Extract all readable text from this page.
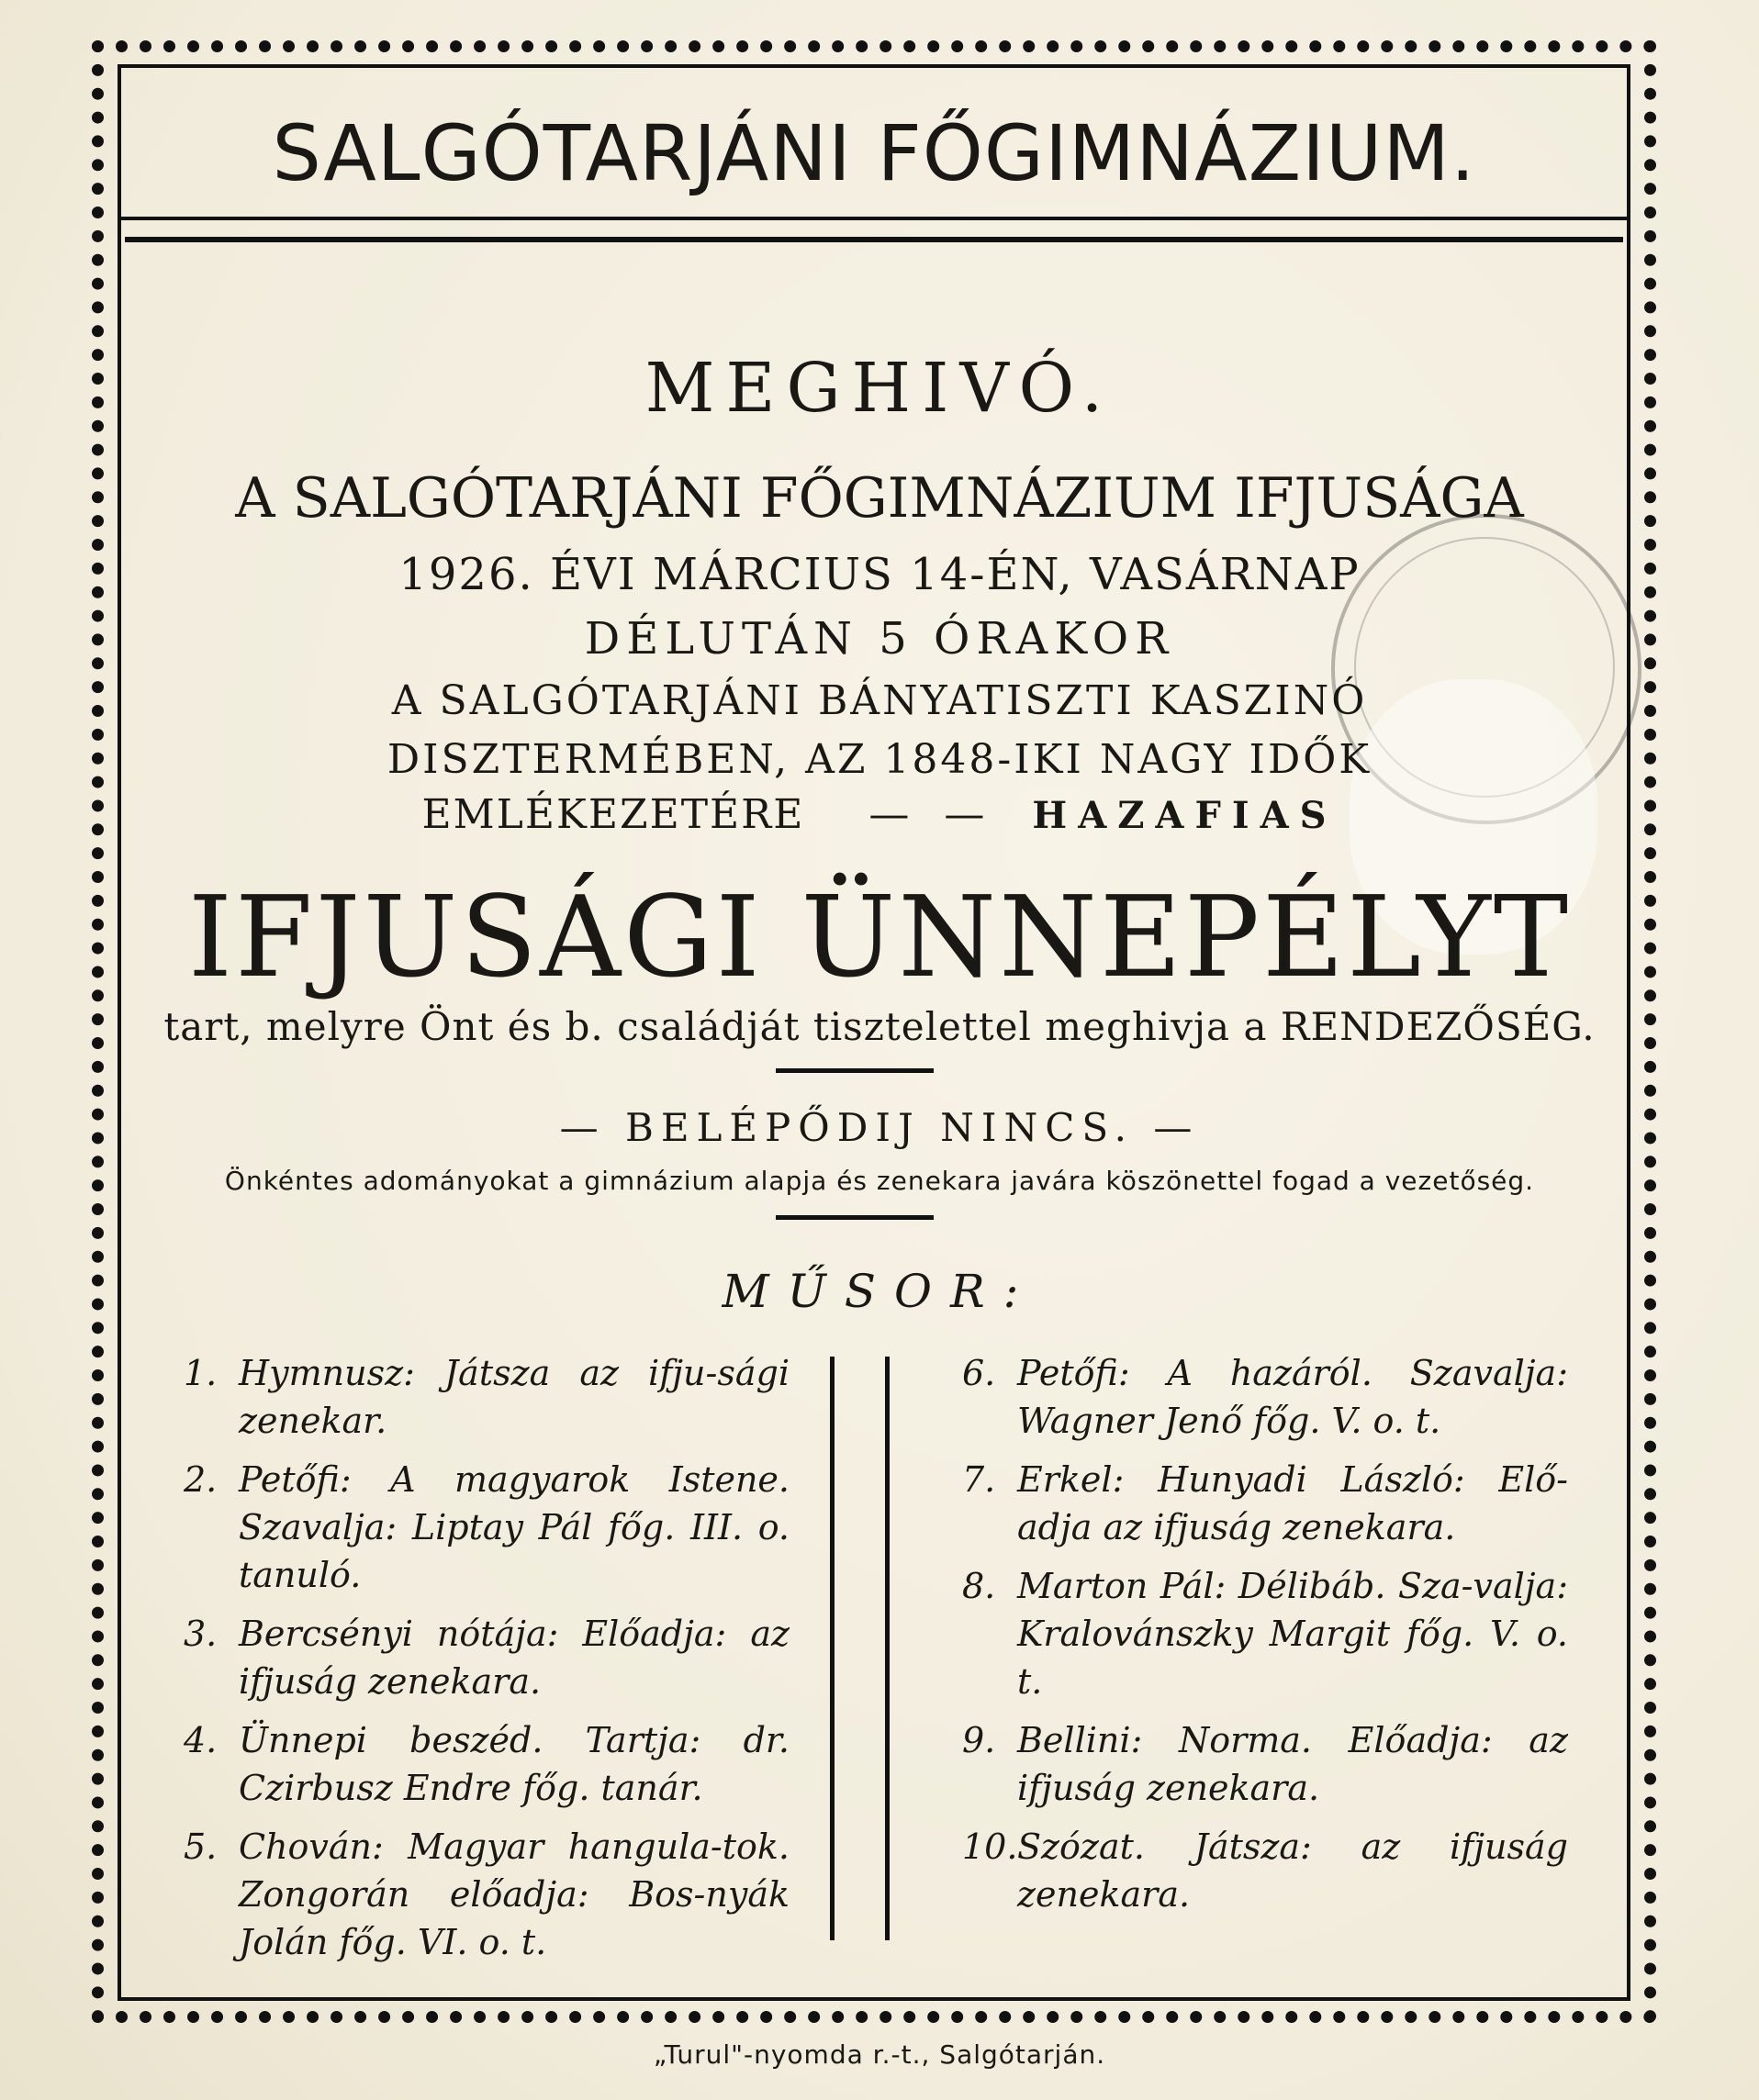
SALGÓTARJÁNI FŐGIMNÁZIUM.
MEGHIVÓ.
A SALGÓTARJÁNI FŐGIMNÁZIUM IFJUSÁGA
1926. ÉVI MÁRCIUS 14-ÉN, VASÁRNAP
DÉLUTÁN 5 ÓRAKOR
A SALGÓTARJÁNI BÁNYATISZTI KASZINÓ
DISZTERMÉBEN, AZ 1848-IKI NAGY IDŐK
EMLÉKEZETÉRE — — HAZAFIAS
IFJUSÁGI ÜNNEPÉLYT
tart, melyre Önt és b. családját tisztelettel meghivja a RENDEZŐSÉG.
— BELÉPŐDIJ NINCS. —
Önkéntes adományokat a gimnázium alapja és zenekara javára köszönettel fogad a vezetőség.
MŰSOR:
1. Hymnusz: Játsza az ifju-sági zenekar.
2. Petőfi: A magyarok Istene. Szavalja: Liptay Pál főg. III. o. tanuló.
3. Bercsényi nótája: Előadja: az ifjuság zenekara.
4. Ünnepi beszéd. Tartja: dr. Czirbusz Endre főg. tanár.
5. Chován: Magyar hangula-tok. Zongorán előadja: Bos-nyák Jolán főg. VI. o. t.
6. Petőfi: A hazáról. Szavalja: Wagner Jenő főg. V. o. t.
7. Erkel: Hunyadi László: Elő-adja az ifjuság zenekara.
8. Marton Pál: Délibáb. Sza-valja: Kralovánszky Margit főg. V. o. t.
9. Bellini: Norma. Előadja: az ifjuság zenekara.
10. Szózat. Játsza: az ifjuság zenekara.
„Turul"-nyomda r.-t., Salgótarján.
